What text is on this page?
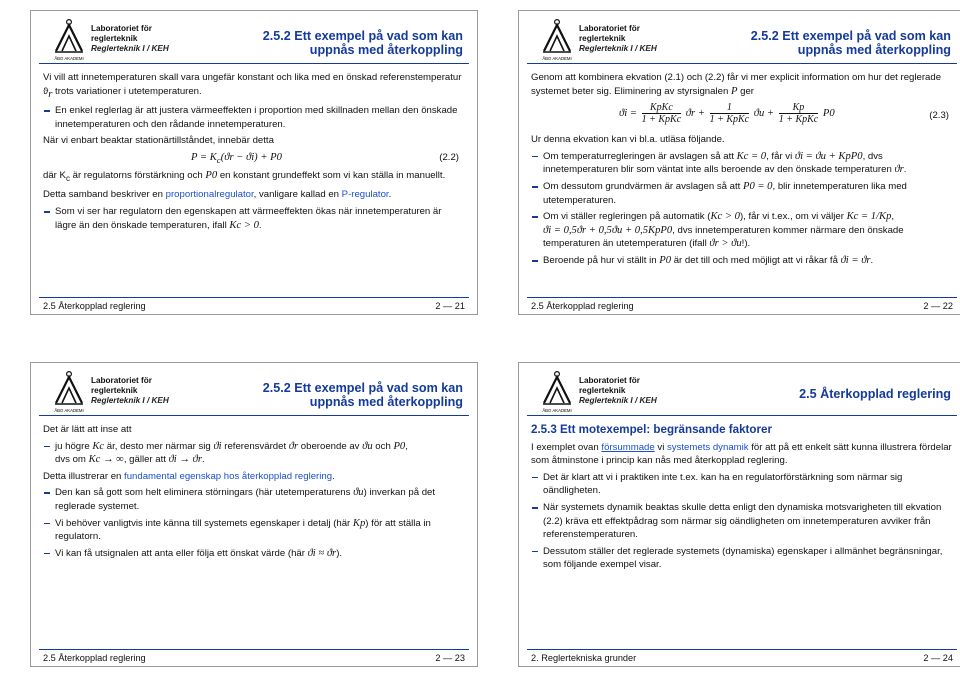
ÅBO AKADEMI
Laboratoriet för
reglerteknik
Reglerteknik I / KEH
2.5.2 Ett exempel på vad som kan
uppnås med återkoppling

Vi vill att innetemperaturen skall vara ungefär konstant och lika med en önskad referenstemperatur $ϑ_r$ trots variationer i utetemperaturen.

En enkel reglerlag är att justera värmeeffekten i proportion med skillnaden mellan den önskade innetemperaturen och den rådande innetemperaturen.

När vi enbart beaktar stationärtillståndet, innebär detta

$P = K_c(ϑr - ϑi) + P0$	(2.2)

där $K_c$ är regulatorns förstärkning och P0 en konstant grundeffekt som vi kan ställa in manuellt.

Detta samband beskriver en proportionalregulator, vanligare kallad en P-regulator.

Som vi ser har regulatorn den egenskapen att värmeeffekten ökas när innetemperaturen är lägre än den önskade temperaturen, ifall Kc > 0.
2.5 Återkopplad reglering	2 — 21
ÅBO AKADEMI
Laboratoriet för
reglerteknik
Reglerteknik I / KEH
2.5.2 Ett exempel på vad som kan
uppnås med återkoppling

Genom att kombinera ekvation (2.1) och (2.2) får vi mer explicit information om hur det reglerade systemet beter sig. Eliminering av styrsignalen P ger

$ϑi = \frac{\text{KpKc}}{\text{1 + KpKc}}$ $ϑr + \frac{1}{\text{1 + KpKc}}$ $ϑu + \frac{Kp}{\text{1 + KpKc}} P0$	(2.3)

Ur denna ekvation kan vi bl.a. utläsa följande.

Om temperaturregleringen är avslagen så att Kc = 0, får vi ϑi = ϑu + KpP0, dvs innetemperaturen blir som väntat inte alls beroende av den önskade temperaturen ϑr.
Om dessutom grundvärmen är avslagen så att P0 = 0, blir innetemperaturen lika med utetemperaturen.
Om vi ställer regleringen på automatik (Kc > 0), får vi t.ex., om vi väljer Kc = 1/Kp,
ϑi = 0,5ϑr + 0,5ϑu + 0,5KpP0, dvs innetemperaturen kommer närmare den önskade temperaturen än utetemperaturen (ifall ϑr > ϑu!).
Beroende på hur vi ställt in P0 är det till och med möjligt att vi råkar få ϑi = ϑr.
2.5 Återkopplad reglering	2 — 22
ÅBO AKADEMI
Laboratoriet för
reglerteknik
Reglerteknik I / KEH
2.5.2 Ett exempel på vad som kan
uppnås med återkoppling

Det är lätt att inse att

ju högre Kc är, desto mer närmar sig ϑi referensvärdet ϑr oberoende av ϑu och P0,
dvs om Kc → ∞, gäller att ϑi → ϑr.

Detta illustrerar en fundamental egenskap hos återkopplad reglering.

Den kan så gott som helt eliminera störningars (här utetemperaturens ϑu) inverkan på det reglerade systemet.
Vi behöver vanligtvis inte känna till systemets egenskaper i detalj (här Kp) för att ställa in regulatorn.
Vi kan få utsignalen att anta eller följa ett önskat värde (här ϑi ≈ ϑr).
2.5 Återkopplad reglering	2 — 23
ÅBO AKADEMI
Laboratoriet för
reglerteknik
Reglerteknik I / KEH	2.5 Återkopplad reglering
2.5.3 Ett motexempel: begränsande faktorer

I exemplet ovan försummade vi systemets dynamik för att på ett enkelt sätt kunna illustrera fördelar som åtminstone i princip kan nås med återkopplad reglering.

Det är klart att vi i praktiken inte t.ex. kan ha en regulatorförstärkning som närmar sig oändligheten.
När systemets dynamik beaktas skulle detta enligt den dynamiska motsvarigheten till ekvation (2.2) kräva ett effektpådrag som närmar sig oändligheten om innetemperaturen avviker från referenstemperaturen.
Dessutom ställer det reglerade systemets (dynamiska) egenskaper i allmänhet begränsningar, som följande exempel visar.
2. Reglertekniska grunder	2 — 24
